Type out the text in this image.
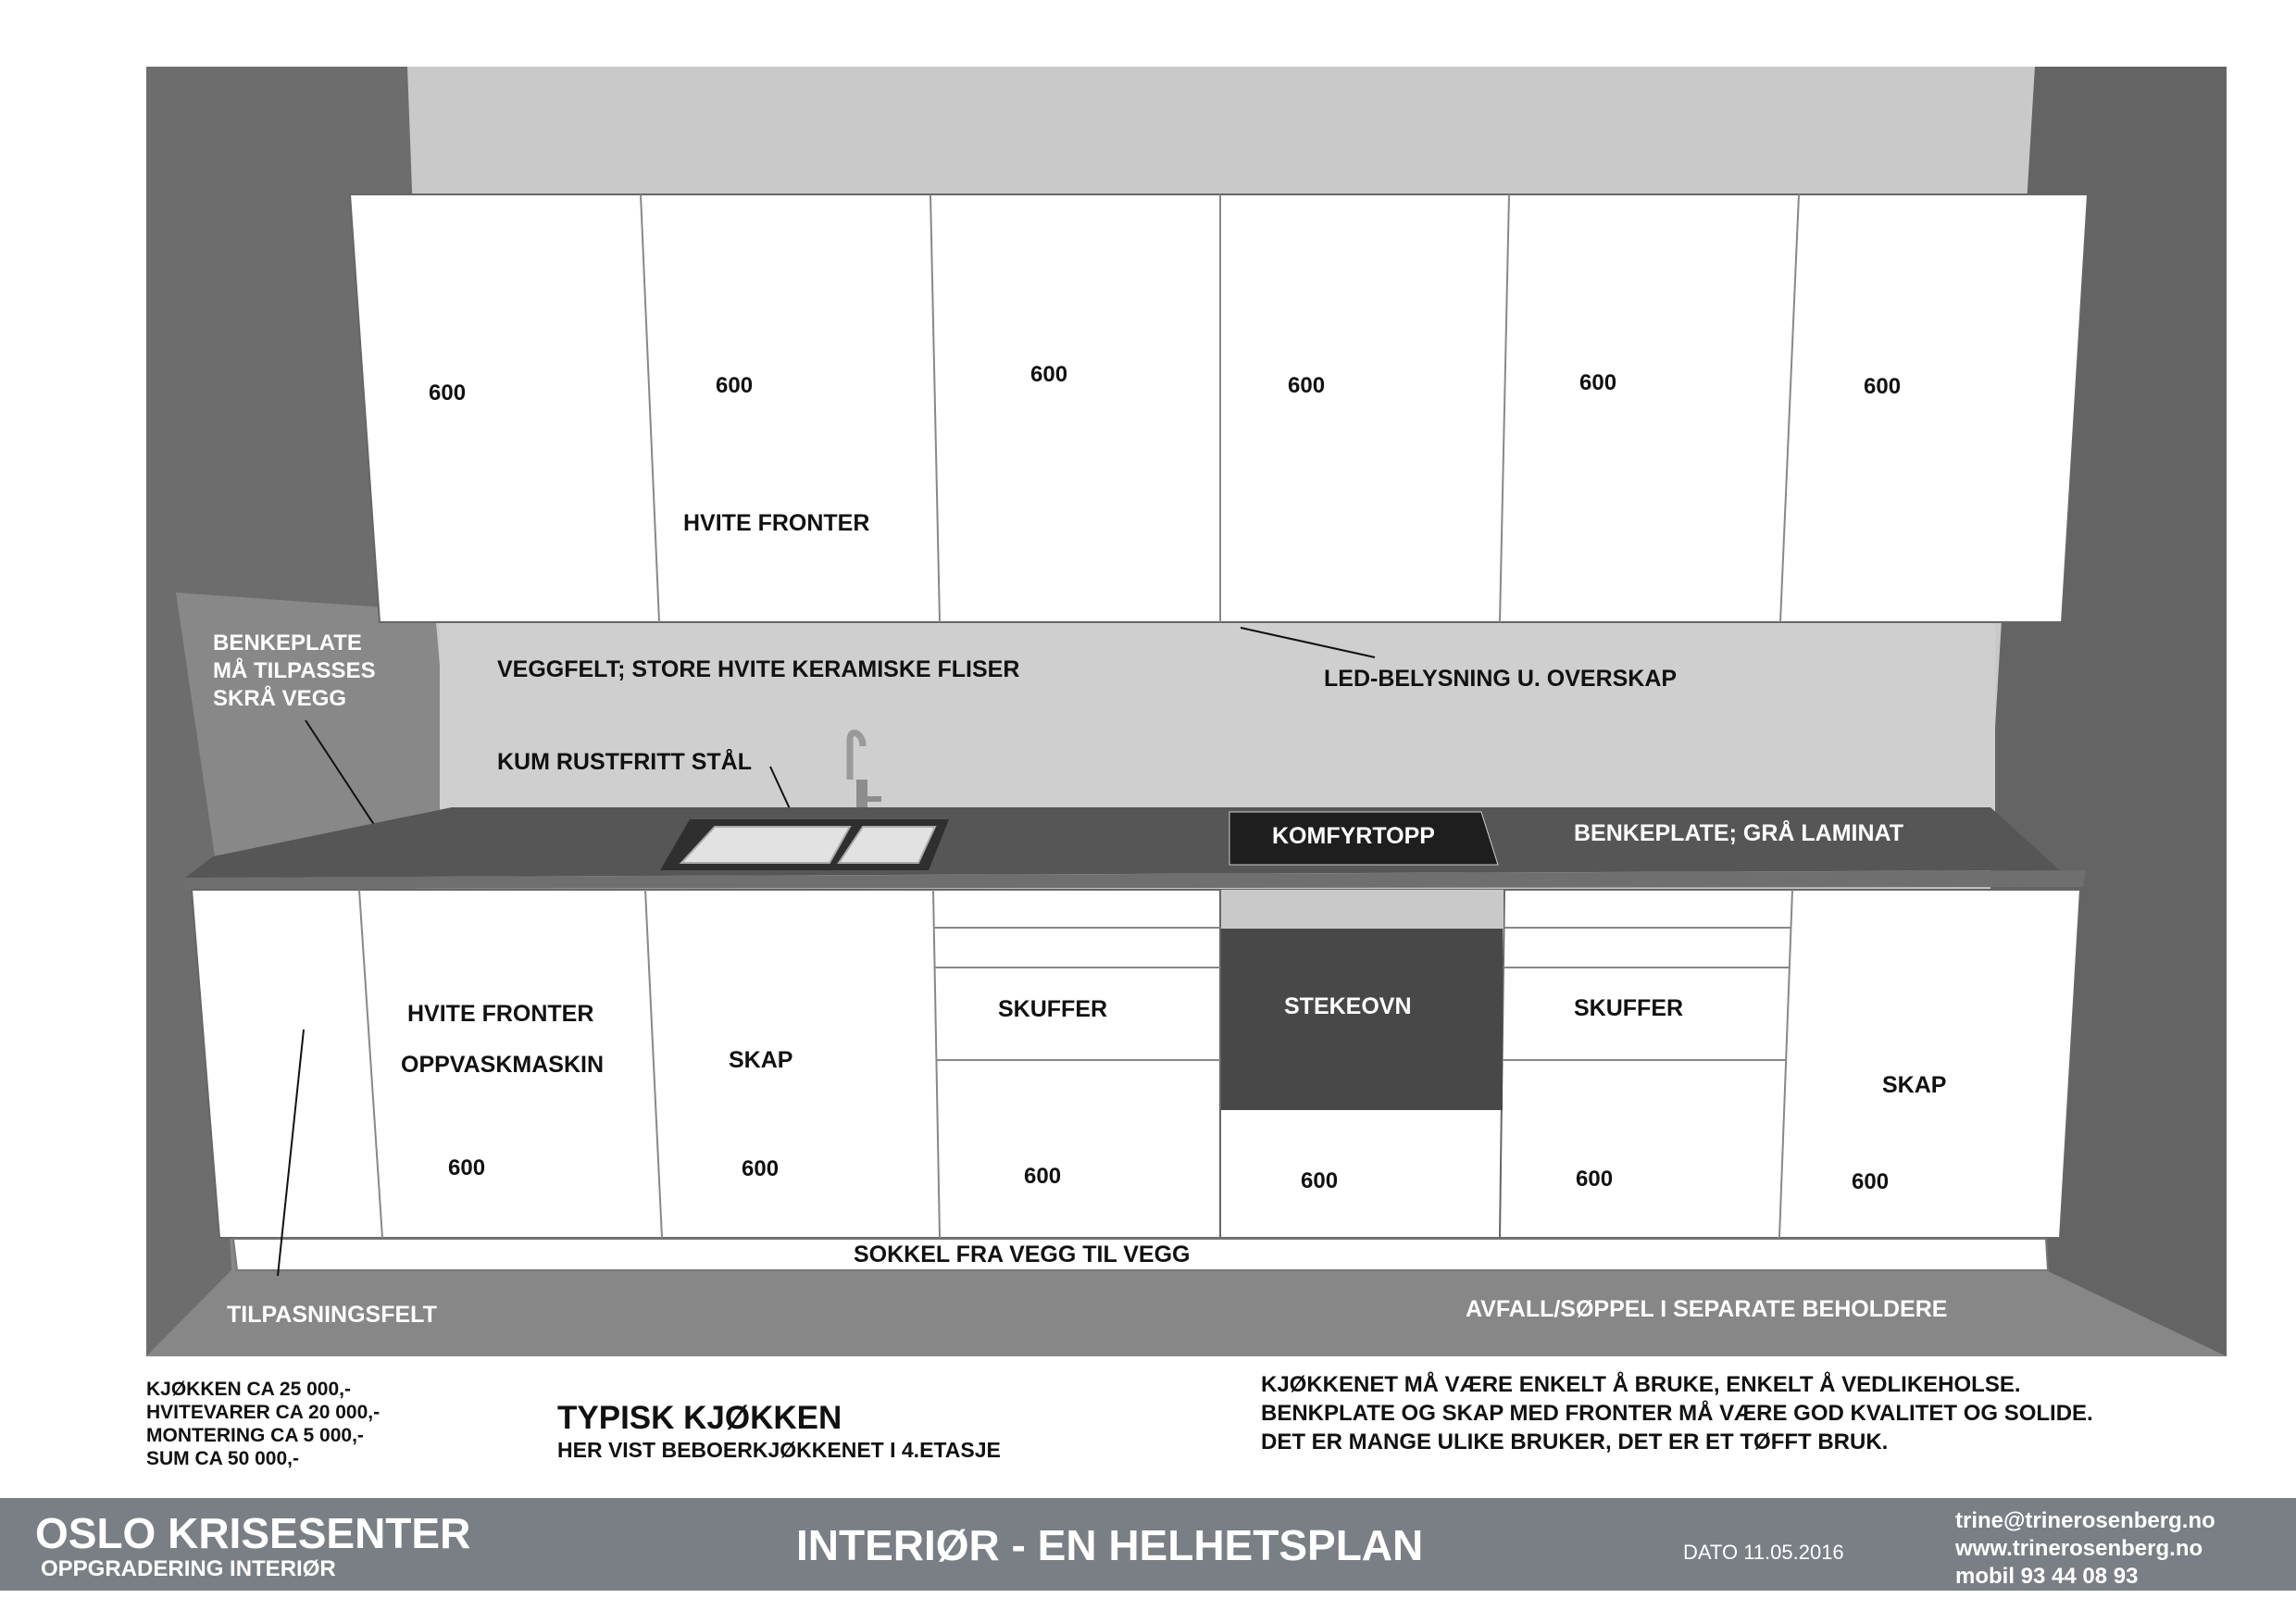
600	600	600	600	600	600
HVITE FRONTER
VEGGFELT; STORE HVITE KERAMISKE FLISER	LED-BELYSNING U. OVERSKAP
BENKEPLATE MÅ TILPASSES SKRÅ VEGG
KUM RUSTFRITT STÅL
KOMFYRTOPP	BENKEPLATE; GRÅ LAMINAT
STEKEOVN
HVITE FRONTER
OPPVASKMASKIN	SKAP
SKUFFER	SKUFFER
SKAP
600	600	600	600	600	600
SOKKEL FRA VEGG TIL VEGG
TILPASNINGSFELT	AVFALL/SØPPEL I SEPARATE BEHOLDERE
KJØKKEN CA 25 000,-
HVITEVARER CA 20 000,-
MONTERING CA 5 000,-
SUM CA 50 000,-
TYPISK KJØKKEN
HER VIST BEBOERKJØKKENET I 4.ETASJE
KJØKKENET MÅ VÆRE ENKELT Å BRUKE, ENKELT Å VEDLIKEHOLSE.
BENKPLATE OG SKAP MED FRONTER MÅ VÆRE GOD KVALITET OG SOLIDE.
DET ER MANGE ULIKE BRUKER, DET ER ET TØFFT BRUK.
OSLO KRISESENTER
OPPGRADERING INTERIØR	INTERIØR - EN HELHETSPLAN	DATO 11.05.2016
trine@trinerosenberg.no
www.trinerosenberg.no
mobil 93 44 08 93
